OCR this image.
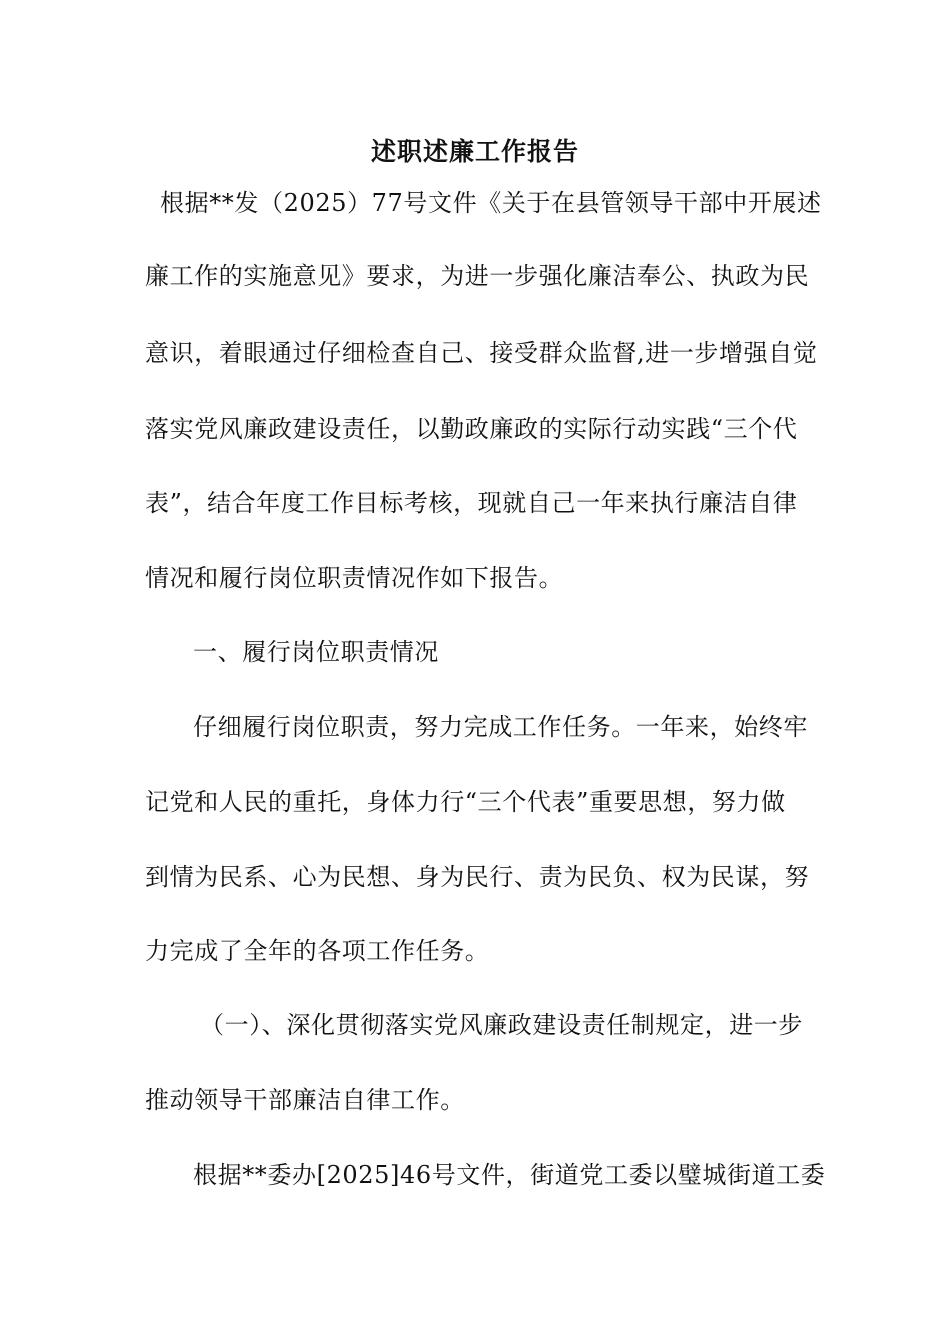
述职述廉工作报告
根据**发（2025）77号文件《关于在县管领导干部中开展述
廉工作的实施意见》要求，为进一步强化廉洁奉公、执政为民
意识，着眼通过仔细检查自己、接受群众监督,进一步增强自觉
落实党风廉政建设责任，以勤政廉政的实际行动实践“三个代
表”，结合年度工作目标考核，现就自己一年来执行廉洁自律
情况和履行岗位职责情况作如下报告。
一、履行岗位职责情况
仔细履行岗位职责，努力完成工作任务。一年来，始终牢
记党和人民的重托，身体力行“三个代表”重要思想，努力做
到情为民系、心为民想、身为民行、责为民负、权为民谋，努
力完成了全年的各项工作任务。
（一）、深化贯彻落实党风廉政建设责任制规定，进一步
推动领导干部廉洁自律工作。
根据**委办[2025]46号文件，街道党工委以璧城街道工委
